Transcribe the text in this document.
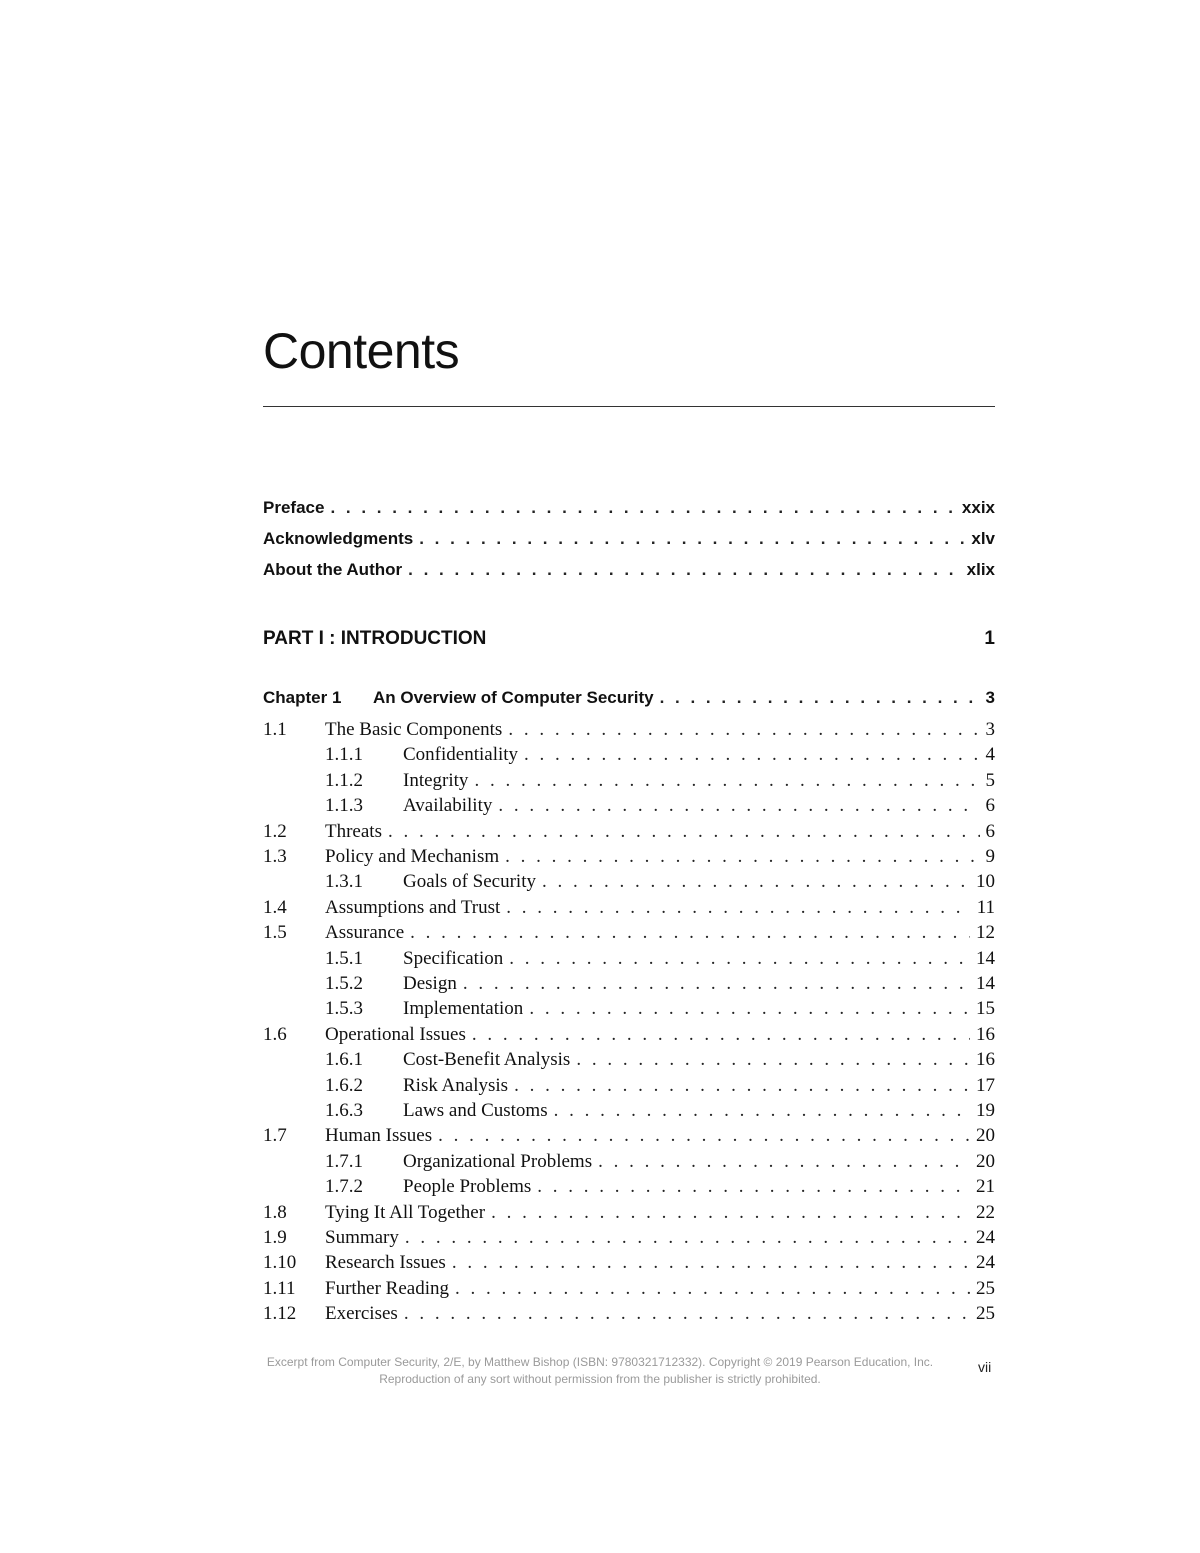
Contents
Preface . . .	xxix
Acknowledgments . . .	xlv
About the Author . . .	xlix
PART I : INTRODUCTION	1
Chapter 1	An Overview of Computer Security . . .	3
1.1	The Basic Components . . .	3
1.1.1	Confidentiality . . .	4
1.1.2	Integrity . . .	5
1.1.3	Availability . . .	6
1.2	Threats . . .	6
1.3	Policy and Mechanism . . .	9
1.3.1	Goals of Security . . .	10
1.4	Assumptions and Trust . . .	11
1.5	Assurance . . .	12
1.5.1	Specification . . .	14
1.5.2	Design . . .	14
1.5.3	Implementation . . .	15
1.6	Operational Issues . . .	16
1.6.1	Cost-Benefit Analysis . . .	16
1.6.2	Risk Analysis . . .	17
1.6.3	Laws and Customs . . .	19
1.7	Human Issues . . .	20
1.7.1	Organizational Problems . . .	20
1.7.2	People Problems . . .	21
1.8	Tying It All Together . . .	22
1.9	Summary . . .	24
1.10	Research Issues . . .	24
1.11	Further Reading . . .	25
1.12	Exercises . . .	25
Excerpt from Computer Security, 2/E, by Matthew Bishop (ISBN: 9780321712332). Copyright © 2019 Pearson Education, Inc.
Reproduction of any sort without permission from the publisher is strictly prohibited.
vii
